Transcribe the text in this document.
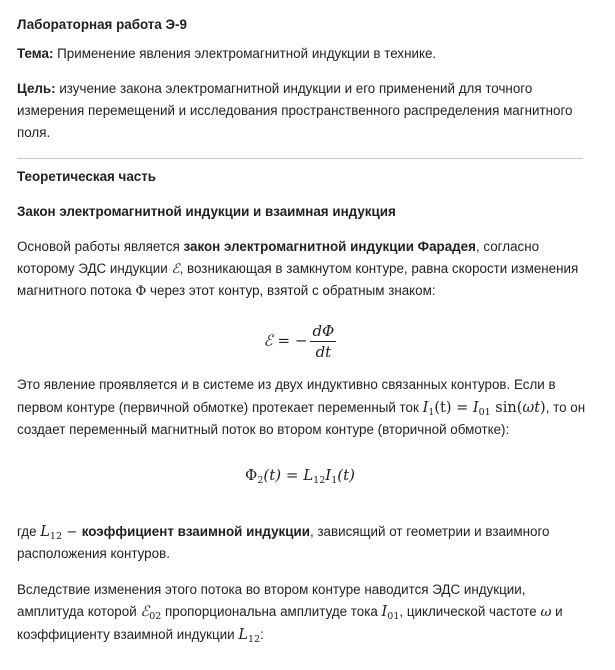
Лабораторная работа Э-9
Тема: Применение явления электромагнитной индукции в технике.
Цель: изучение закона электромагнитной индукции и его применений для точного
измерения перемещений и исследования пространственного распределения магнитного
поля.
Теоретическая часть
Закон электромагнитной индукции и взаимная индукция
Основой работы является закон электромагнитной индукции Фарадея, согласно
которому ЭДС индукции ℰ, возникающая в замкнутом контуре, равна скорости изменения
магнитного потока Φ через этот контур, взятой с обратным знаком:
ℰ = − $\frac{d\Phi}{dt}$
Это явление проявляется и в системе из двух индуктивно связанных контуров. Если в
первом контуре (первичной обмотке) протекает переменный ток $I_1(t) = I_{01}$ sin(ωt), то он
создает переменный магнитный поток во втором контуре (вторичной обмотке):
$\Phi_2(t) = L_{12}I_1(t)$
где $L_{12}$ − коэффициент взаимной индукции, зависящий от геометрии и взаимного
расположения контуров.
Вследствие изменения этого потока во втором контуре наводится ЭДС индукции,
амплитуда которой ℰ$_{02}$ пропорциональна амплитуде тока $I_{01}$, циклической частоте ω и
коэффициенту взаимной индукции $L_{12}$:
